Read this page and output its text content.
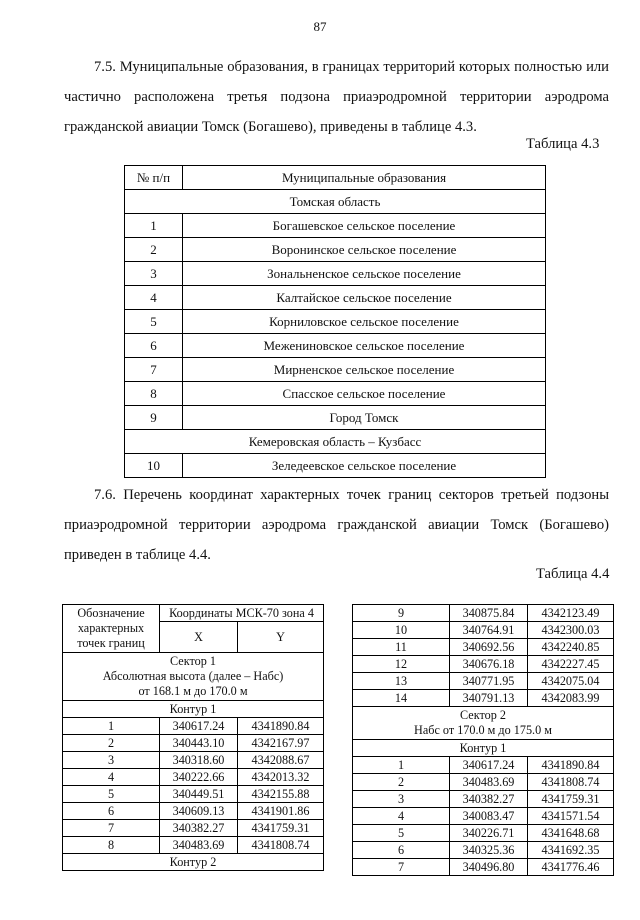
87

7.5. Муниципальные образования, в границах территорий которых полностью или частично расположена третья подзона приаэродромной территории аэродрома гражданской авиации Томск (Богашево), приведены в таблице 4.3.

Таблица 4.3
№ п/п	Муниципальные образования
Томская область	
1	Богашевское сельское поселение
2	Воронинское сельское поселение
3	Зональненское сельское поселение
4	Калтайское сельское поселение
5	Корниловское сельское поселение
6	Межениновское сельское поселение
7	Мирненское сельское поселение
8	Спасское сельское поселение
9	Город Томск
Кемеровская область – Кузбасс	
10	Зеледеевское сельское поселение

7.6. Перечень координат характерных точек границ секторов третьей подзоны приаэродромной территории аэродрома гражданской авиации Томск (Богашево) приведен в таблице 4.4.

Таблица 4.4
Обозначение характерных точек границ	Координаты МСК-70 зона 4	
	X	Y

Сектор 1
Абсолютная высота (далее – Набс)
от 168.1 м до 170.0 м		

Контур 1		
1	340617.24	4341890.84
2	340443.10	4342167.97
3	340318.60	4342088.67
4	340222.66	4342013.32
5	340449.51	4342155.88
6	340609.13	4341901.86
7	340382.27	4341759.31
8	340483.69	4341808.74
Контур 2		
9	340875.84	4342123.49
10	340764.91	4342300.03
11	340692.56	4342240.85
12	340676.18	4342227.45
13	340771.95	4342075.04
14	340791.13	4342083.99

Сектор 2
Набс от 170.0 м до 175.0 м		

Контур 1		
1	340617.24	4341890.84
2	340483.69	4341808.74
3	340382.27	4341759.31
4	340083.47	4341571.54
5	340226.71	4341648.68
6	340325.36	4341692.35
7	340496.80	4341776.46
